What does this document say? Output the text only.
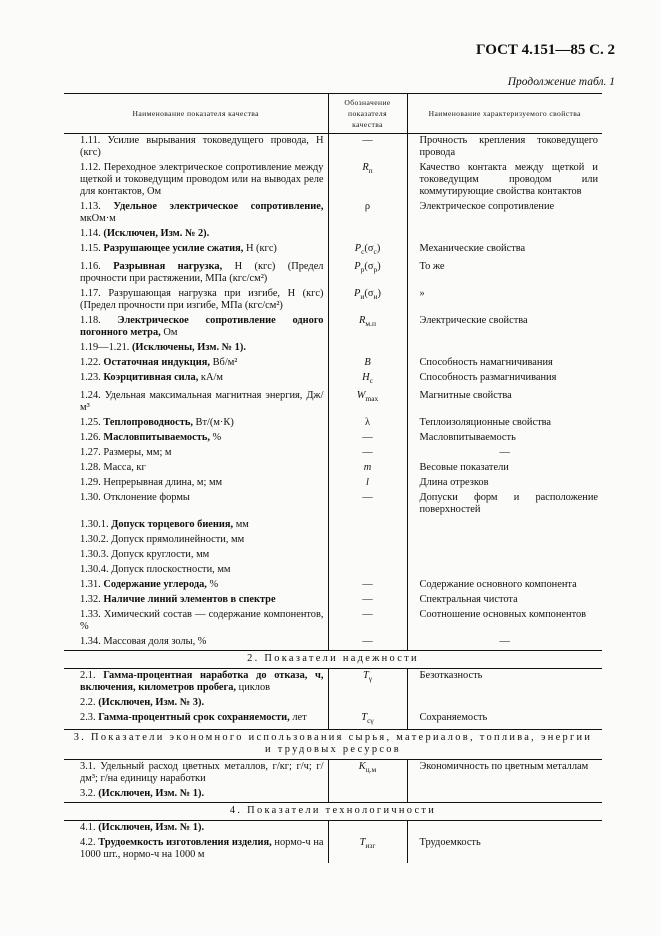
ГОСТ 4.151—85 С. 2
Продолжение табл. 1
Наименование показателя качества	Обозначение показателя качества	Наименование характеризуемого свойства

1.11. Усилие вырывания токоведущего провода, Н (кгс)	—	Прочность крепления токоведущего провода

1.12. Переходное электрическое сопротивление между щеткой и токоведущим проводом или на выводах реле для контактов, Ом	$R_п$	Качество контакта между щеткой и токоведущим проводом или коммутирующие свойства контактов

1.13. Удельное электрическое сопротивление, мкОм·м	ρ	Электрическое сопротивление

1.14. (Исключен, Изм. № 2).		

1.15. Разрушающее усилие сжатия, Н (кгс)	$P_c(\sigma_c)$	Механические свойства

1.16. Разрывная нагрузка, Н (кгс) (Предел прочности при растяжении, МПа (кгс/см²)	$P_р(\sigma_р)$	То же

1.17. Разрушающая нагрузка при изгибе, Н (кгс) (Предел прочности при изгибе, МПа (кгс/см²)	$P_и(\sigma_и)$	»

1.18. Электрическое сопротивление одного погонного метра, Ом	$R_{м.п}$	Электрические свойства

1.19—1.21. (Исключены, Изм. № 1).		

1.22. Остаточная индукция, Вб/м²	B	Способность намагничивания

1.23. Коэрцитивная сила, кА/м	$H_c$	Способность размагничивания

1.24. Удельная максимальная магнитная энергия, Дж/м³	$W_{max}$	Магнитные свойства

1.25. Теплопроводность, Вт/(м·К)	λ	Теплоизоляционные свойства

1.26. Масловпитываемость, %	—	Масловпитываемость

1.27. Размеры, мм; м	—	—

1.28. Масса, кг	m	Весовые показатели

1.29. Непрерывная длина, м; мм	l	Длина отрезков

1.30. Отклонение формы	—	Допуски форм и расположение поверхностей

1.30.1. Допуск торцевого биения, мм		

1.30.2. Допуск прямолинейности, мм		

1.30.3. Допуск круглости, мм		

1.30.4. Допуск плоскостности, мм		

1.31. Содержание углерода, %	—	Содержание основного компонента

1.32. Наличие линий элементов в спектре	—	Спектральная чистота

1.33. Химический состав — содержание компонентов, %	—	Соотношение основных компонентов

1.34. Массовая доля золы, %	—	—
2. Показатели надежности		

2.1. Гамма-процентная наработка до отказа, ч, включения, километров пробега, циклов	$T_\gamma$	Безотказность

2.2. (Исключен, Изм. № 3).		

2.3. Гамма-процентный срок сохраняемости, лет	$T_{c\gamma}$	Сохраняемость
3. Показатели экономного использования сырья, материалов, топлива, энергии и трудовых ресурсов		

3.1. Удельный расход цветных металлов, г/кг; г/ч; г/дм³; г/на единицу наработки	$K_{ц.м}$	Экономичность по цветным металлам

3.2. (Исключен, Изм. № 1).		

4. Показатели технологичности		

4.1. (Исключен, Изм. № 1).		

4.2. Трудоемкость изготовления изделия, нормо-ч на 1000 шт., нормо-ч на 1000 м	$T_{изг}$	Трудоемкость
